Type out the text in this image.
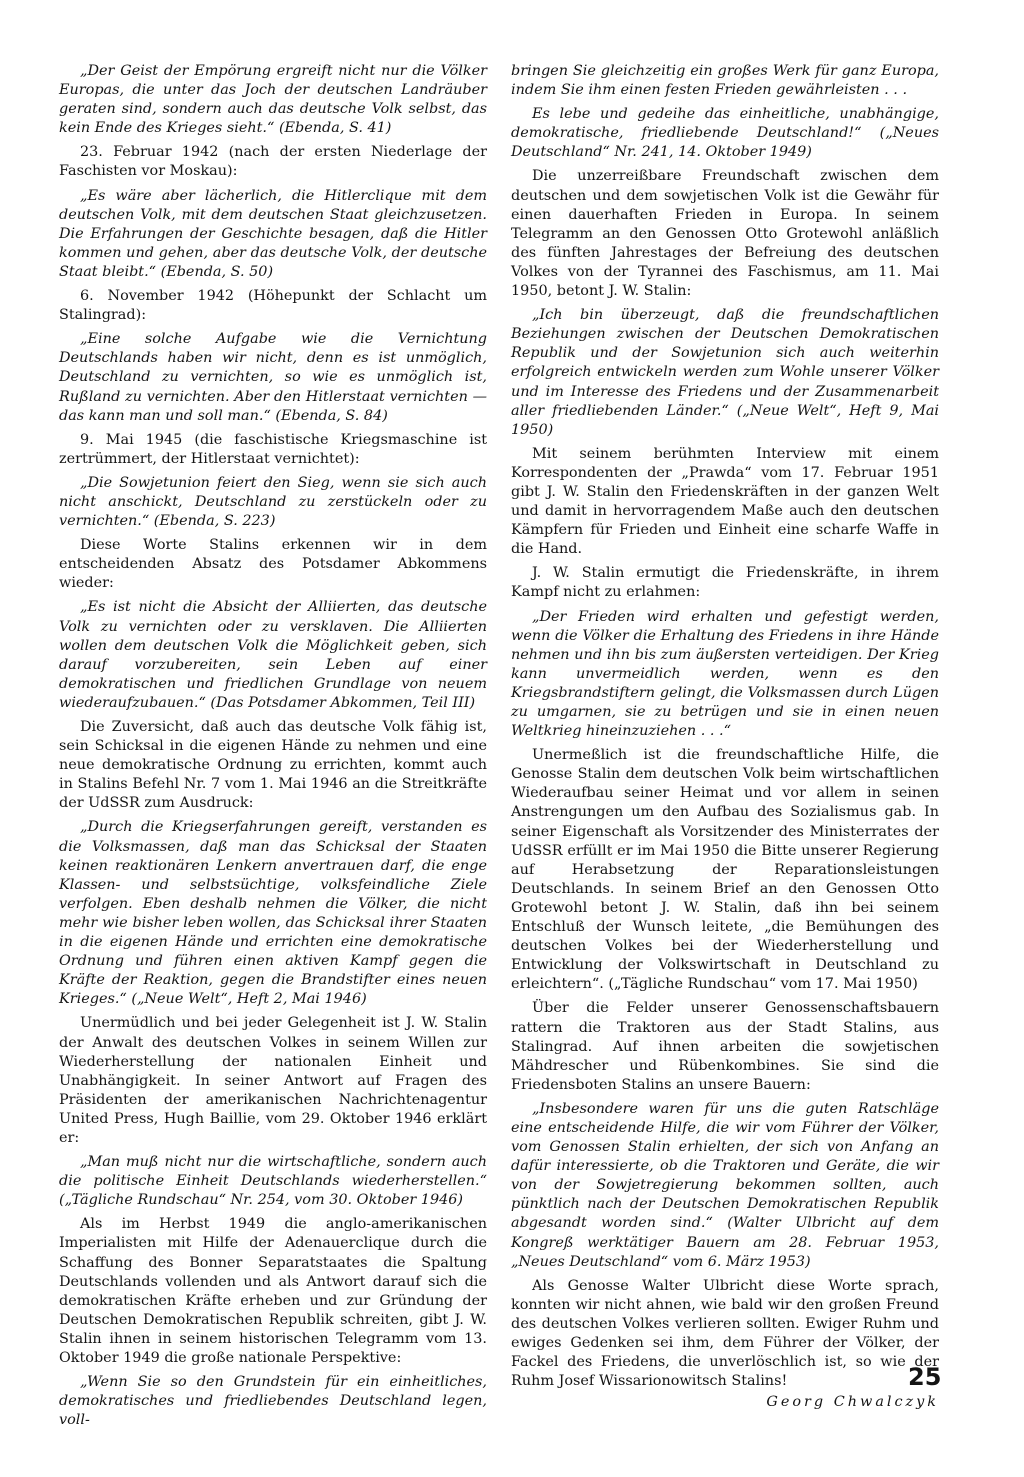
„Der Geist der Empörung ergreift nicht nur die Völker Europas, die unter das Joch der deutschen Landräuber geraten sind, sondern auch das deutsche Volk selbst, das kein Ende des Krieges sieht.“ (Ebenda, S. 41)

23. Februar 1942 (nach der ersten Niederlage der Faschisten vor Moskau):

„Es wäre aber lächerlich, die Hitlerclique mit dem deutschen Volk, mit dem deutschen Staat gleichzusetzen. Die Erfahrungen der Geschichte besagen, daß die Hitler kommen und gehen, aber das deutsche Volk, der deutsche Staat bleibt.“ (Ebenda, S. 50)

6. November 1942 (Höhepunkt der Schlacht um Stalingrad):

„Eine solche Aufgabe wie die Vernichtung Deutschlands haben wir nicht, denn es ist unmöglich, Deutschland zu vernichten, so wie es unmöglich ist, Rußland zu vernichten. Aber den Hitlerstaat vernichten — das kann man und soll man.“ (Ebenda, S. 84)

9. Mai 1945 (die faschistische Kriegsmaschine ist zertrümmert, der Hitlerstaat vernichtet):

„Die Sowjetunion feiert den Sieg, wenn sie sich auch nicht anschickt, Deutschland zu zerstückeln oder zu vernichten.“ (Ebenda, S. 223)

Diese Worte Stalins erkennen wir in dem entscheidenden Absatz des Potsdamer Abkommens wieder:

„Es ist nicht die Absicht der Alliierten, das deutsche Volk zu vernichten oder zu versklaven. Die Alliierten wollen dem deutschen Volk die Möglichkeit geben, sich darauf vorzubereiten, sein Leben auf einer demokratischen und friedlichen Grundlage von neuem wiederaufzubauen.“ (Das Potsdamer Abkommen, Teil III)

Die Zuversicht, daß auch das deutsche Volk fähig ist, sein Schicksal in die eigenen Hände zu nehmen und eine neue demokratische Ordnung zu errichten, kommt auch in Stalins Befehl Nr. 7 vom 1. Mai 1946 an die Streitkräfte der UdSSR zum Ausdruck:

„Durch die Kriegserfahrungen gereift, verstanden es die Volksmassen, daß man das Schicksal der Staaten keinen reaktionären Lenkern anvertrauen darf, die enge Klassen- und selbstsüchtige, volksfeindliche Ziele verfolgen. Eben deshalb nehmen die Völker, die nicht mehr wie bisher leben wollen, das Schicksal ihrer Staaten in die eigenen Hände und errichten eine demokratische Ordnung und führen einen aktiven Kampf gegen die Kräfte der Reaktion, gegen die Brandstifter eines neuen Krieges.“ („Neue Welt“, Heft 2, Mai 1946)

Unermüdlich und bei jeder Gelegenheit ist J. W. Stalin der Anwalt des deutschen Volkes in seinem Willen zur Wiederherstellung der nationalen Einheit und Unabhängigkeit. In seiner Antwort auf Fragen des Präsidenten der amerikanischen Nachrichtenagentur United Press, Hugh Baillie, vom 29. Oktober 1946 erklärt er:

„Man muß nicht nur die wirtschaftliche, sondern auch die politische Einheit Deutschlands wiederherstellen.“ („Tägliche Rundschau“ Nr. 254, vom 30. Oktober 1946)

Als im Herbst 1949 die anglo-amerikanischen Imperialisten mit Hilfe der Adenauerclique durch die Schaffung des Bonner Separatstaates die Spaltung Deutschlands vollenden und als Antwort darauf sich die demokratischen Kräfte erheben und zur Gründung der Deutschen Demokratischen Republik schreiten, gibt J. W. Stalin ihnen in seinem historischen Telegramm vom 13. Oktober 1949 die große nationale Perspektive:

„Wenn Sie so den Grundstein für ein einheitliches, demokratisches und friedliebendes Deutschland legen, voll-

bringen Sie gleichzeitig ein großes Werk für ganz Europa, indem Sie ihm einen festen Frieden gewährleisten . . .

Es lebe und gedeihe das einheitliche, unabhängige, demokratische, friedliebende Deutschland!“ („Neues Deutschland“ Nr. 241, 14. Oktober 1949)

Die unzerreißbare Freundschaft zwischen dem deutschen und dem sowjetischen Volk ist die Gewähr für einen dauerhaften Frieden in Europa. In seinem Telegramm an den Genossen Otto Grotewohl anläßlich des fünften Jahrestages der Befreiung des deutschen Volkes von der Tyrannei des Faschismus, am 11. Mai 1950, betont J. W. Stalin:

„Ich bin überzeugt, daß die freundschaftlichen Beziehungen zwischen der Deutschen Demokratischen Republik und der Sowjetunion sich auch weiterhin erfolgreich entwickeln werden zum Wohle unserer Völker und im Interesse des Friedens und der Zusammenarbeit aller friedliebenden Länder.“ („Neue Welt“, Heft 9, Mai 1950)

Mit seinem berühmten Interview mit einem Korrespondenten der „Prawda“ vom 17. Februar 1951 gibt J. W. Stalin den Friedenskräften in der ganzen Welt und damit in hervorragendem Maße auch den deutschen Kämpfern für Frieden und Einheit eine scharfe Waffe in die Hand.

J. W. Stalin ermutigt die Friedenskräfte, in ihrem Kampf nicht zu erlahmen:

„Der Frieden wird erhalten und gefestigt werden, wenn die Völker die Erhaltung des Friedens in ihre Hände nehmen und ihn bis zum äußersten verteidigen. Der Krieg kann unvermeidlich werden, wenn es den Kriegsbrandstiftern gelingt, die Volksmassen durch Lügen zu umgarnen, sie zu betrügen und sie in einen neuen Weltkrieg hineinzuziehen . . .“

Unermeßlich ist die freundschaftliche Hilfe, die Genosse Stalin dem deutschen Volk beim wirtschaftlichen Wiederaufbau seiner Heimat und vor allem in seinen Anstrengungen um den Aufbau des Sozialismus gab. In seiner Eigenschaft als Vorsitzender des Ministerrates der UdSSR erfüllt er im Mai 1950 die Bitte unserer Regierung auf Herabsetzung der Reparationsleistungen Deutschlands. In seinem Brief an den Genossen Otto Grotewohl betont J. W. Stalin, daß ihn bei seinem Entschluß der Wunsch leitete, „die Bemühungen des deutschen Volkes bei der Wiederherstellung und Entwicklung der Volkswirtschaft in Deutschland zu erleichtern“. („Tägliche Rundschau“ vom 17. Mai 1950)

Über die Felder unserer Genossenschaftsbauern rattern die Traktoren aus der Stadt Stalins, aus Stalingrad. Auf ihnen arbeiten die sowjetischen Mähdrescher und Rübenkombines. Sie sind die Friedensboten Stalins an unsere Bauern:

„Insbesondere waren für uns die guten Ratschläge eine entscheidende Hilfe, die wir vom Führer der Völker, vom Genossen Stalin erhielten, der sich von Anfang an dafür interessierte, ob die Traktoren und Geräte, die wir von der Sowjetregierung bekommen sollten, auch pünktlich nach der Deutschen Demokratischen Republik abgesandt worden sind.“ (Walter Ulbricht auf dem Kongreß werktätiger Bauern am 28. Februar 1953, „Neues Deutschland“ vom 6. März 1953)

Als Genosse Walter Ulbricht diese Worte sprach, konnten wir nicht ahnen, wie bald wir den großen Freund des deutschen Volkes verlieren sollten. Ewiger Ruhm und ewiges Gedenken sei ihm, dem Führer der Völker, der Fackel des Friedens, die unverlöschlich ist, so wie der Ruhm Josef Wissarionowitsch Stalins!

Georg Chwalczyk
25
